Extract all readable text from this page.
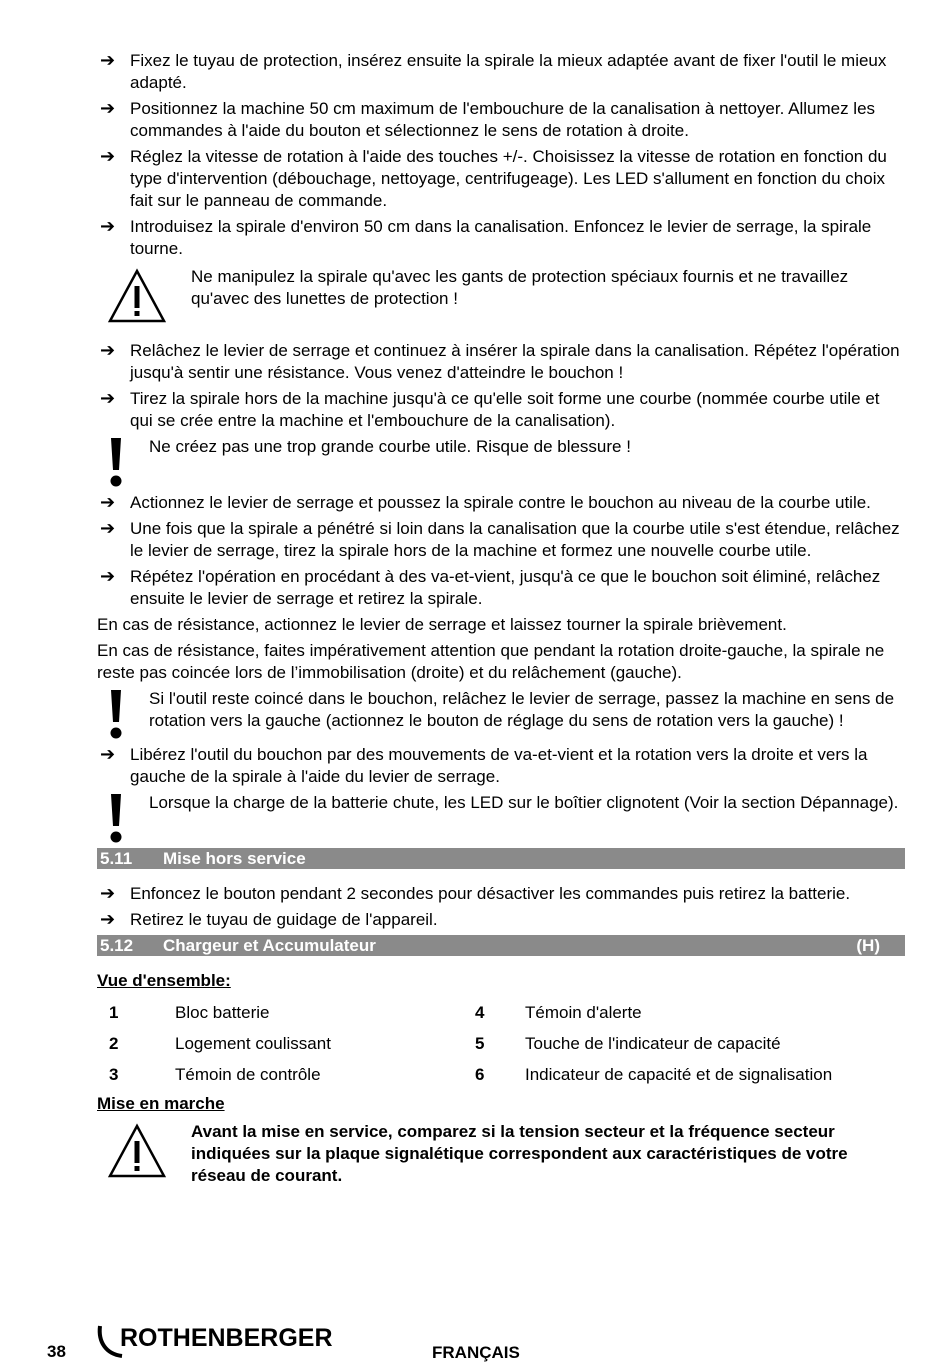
➔ Fixez le tuyau de protection, insérez ensuite la spirale la mieux adaptée avant de fixer l'outil le mieux adapté.
➔ Positionnez la machine 50 cm maximum de l'embouchure de la canalisation à nettoyer. Allumez les commandes à l'aide du bouton et sélectionnez le sens de rotation à droite.
➔ Réglez la vitesse de rotation à l'aide des touches +/-. Choisissez la vitesse de rotation en fonction du type d'intervention (débouchage, nettoyage, centrifugeage). Les LED s'allument en fonction du choix fait sur le panneau de commande.
➔ Introduisez la spirale d'environ 50 cm dans la canalisation. Enfoncez le levier de serrage, la spirale tourne.
Ne manipulez la spirale qu'avec les gants de protection spéciaux fournis et ne travaillez qu'avec des lunettes de protection !
➔ Relâchez le levier de serrage et continuez à insérer la spirale dans la canalisation. Répétez l'opération jusqu'à sentir une résistance. Vous venez d'atteindre le bouchon !
➔ Tirez la spirale hors de la machine jusqu'à ce qu'elle soit forme une courbe (nommée courbe utile et qui se crée entre la machine et l'embouchure de la canalisation).
Ne créez pas une trop grande courbe utile. Risque de blessure !
➔ Actionnez le levier de serrage et poussez la spirale contre le bouchon au niveau de la courbe utile.
➔ Une fois que la spirale a pénétré si loin dans la canalisation que la courbe utile s'est étendue, relâchez le levier de serrage, tirez la spirale hors de la machine et formez une nouvelle courbe utile.
➔ Répétez l'opération en procédant à des va-et-vient, jusqu'à ce que le bouchon soit éliminé, relâchez ensuite le levier de serrage et retirez la spirale.
En cas de résistance, actionnez le levier de serrage et laissez tourner la spirale brièvement.
En cas de résistance, faites impérativement attention que pendant la rotation droite-gauche, la spirale ne reste pas coincée lors de l’immobilisation (droite) et du relâchement (gauche).
Si l'outil reste coincé dans le bouchon, relâchez le levier de serrage, passez la machine en sens de rotation vers la gauche (actionnez le bouton de réglage du sens de rotation vers la gauche) !
➔ Libérez l'outil du bouchon par des mouvements de va-et-vient et la rotation vers la droite et vers la gauche de la spirale à l'aide du levier de serrage.
Lorsque la charge de la batterie chute, les LED sur le boîtier clignotent (Voir la section Dépannage).
5.11 Mise hors service
➔ Enfoncez le bouton pendant 2 secondes pour désactiver les commandes puis retirez la batterie.
➔ Retirez le tuyau de guidage de l'appareil.
5.12 Chargeur et Accumulateur	(H)
Vue d'ensemble:
1	Bloc batterie	4	Témoin d'alerte
2	Logement coulissant	5	Touche de l'indicateur de capacité
3	Témoin de contrôle	6	Indicateur de capacité et de signalisation
Mise en marche
Avant la mise en service, comparez si la tension secteur et la fréquence secteur indiquées sur la plaque signalétique correspondent aux caractéristiques de votre réseau de courant.
38 ROTHENBERGER
FRANÇAIS
